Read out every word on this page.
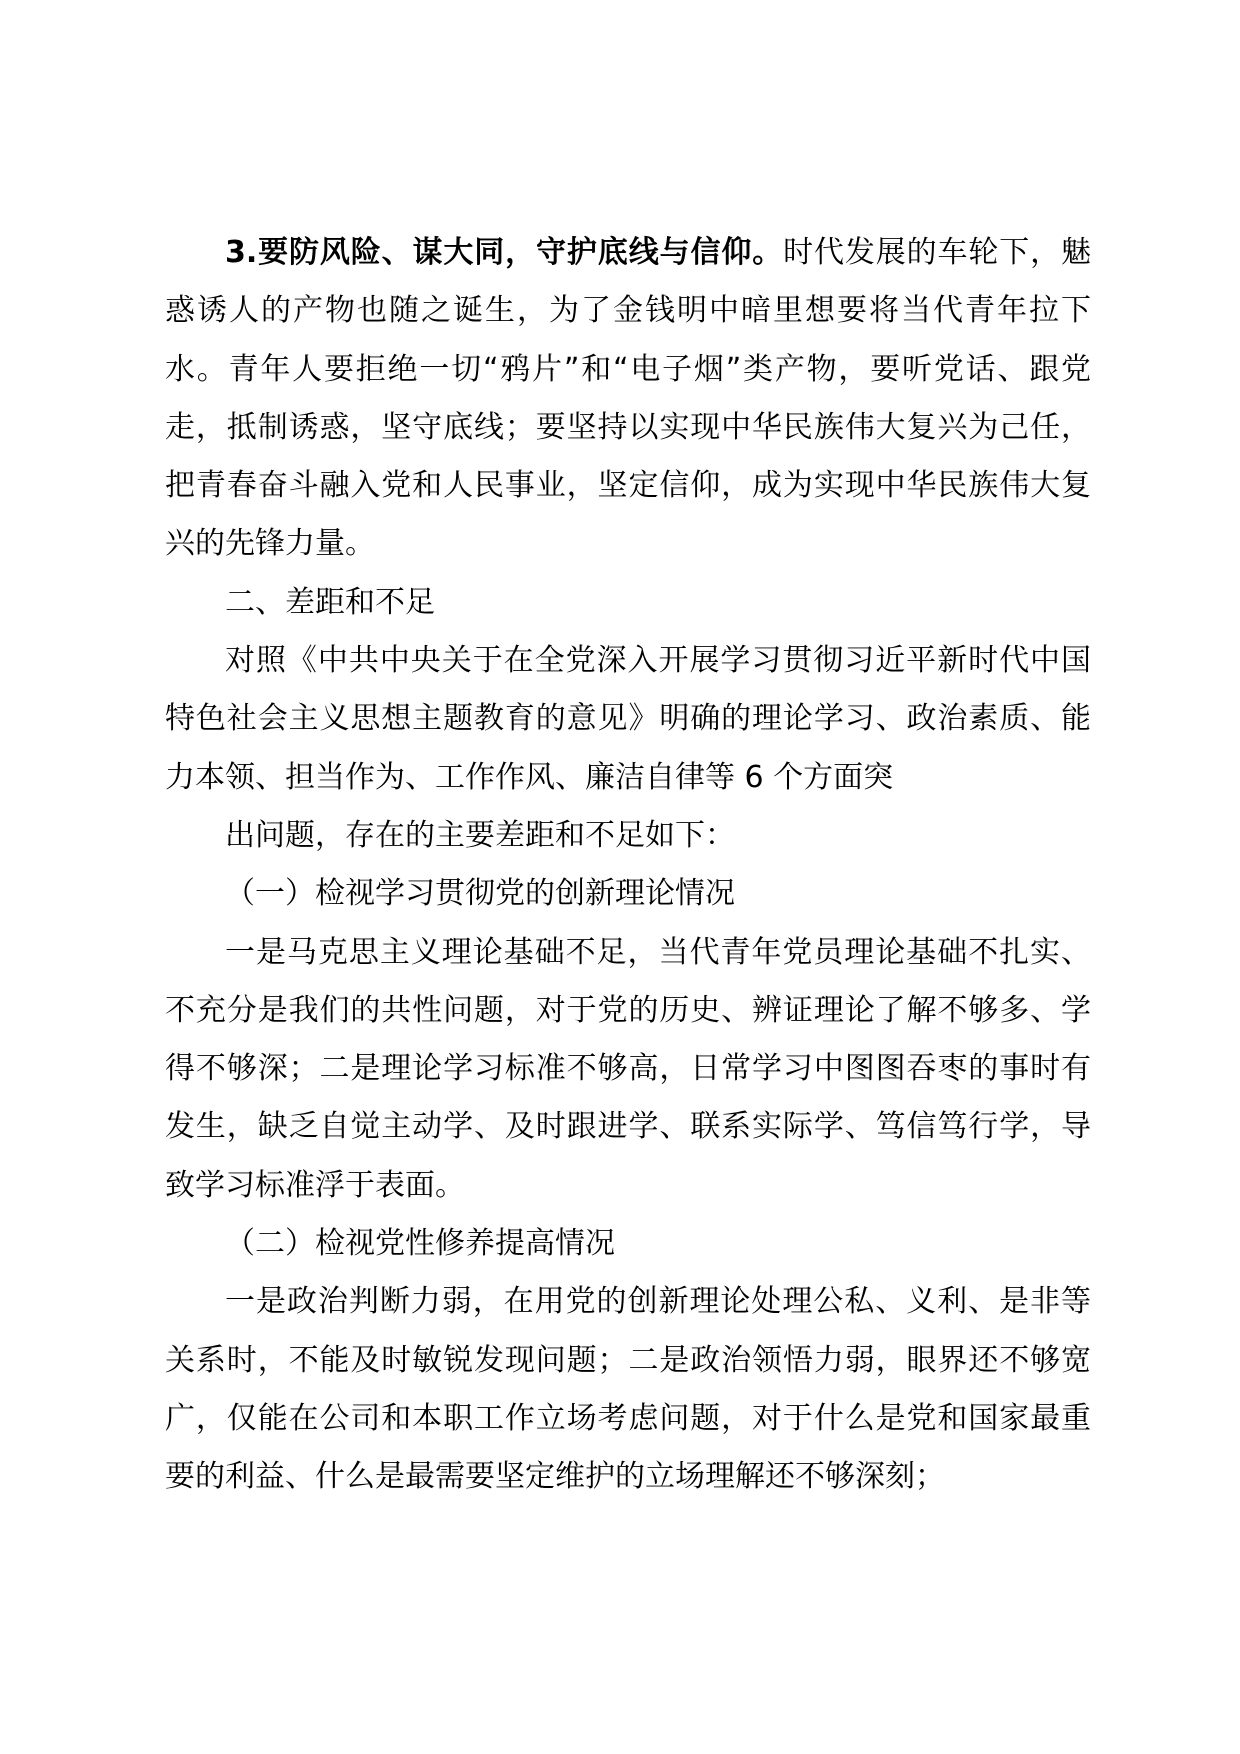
3.要防风险、谋大同，守护底线与信仰。时代发展的车轮下，魅惑诱人的产物也随之诞生，为了金钱明中暗里想要将当代青年拉下水。青年人要拒绝一切“鸦片”和“电子烟”类产物，要听党话、跟党走，抵制诱惑，坚守底线；要坚持以实现中华民族伟大复兴为己任，把青春奋斗融入党和人民事业，坚定信仰，成为实现中华民族伟大复兴的先锋力量。

二、差距和不足

对照《中共中央关于在全党深入开展学习贯彻习近平新时代中国特色社会主义思想主题教育的意见》明确的理论学习、政治素质、能力本领、担当作为、工作作风、廉洁自律等 6 个方面突

出问题，存在的主要差距和不足如下：

（一）检视学习贯彻党的创新理论情况

一是马克思主义理论基础不足，当代青年党员理论基础不扎实、不充分是我们的共性问题，对于党的历史、辨证理论了解不够多、学得不够深；二是理论学习标准不够高，日常学习中图图吞枣的事时有发生，缺乏自觉主动学、及时跟进学、联系实际学、笃信笃行学，导致学习标准浮于表面。

（二）检视党性修养提高情况

一是政治判断力弱，在用党的创新理论处理公私、义利、是非等关系时，不能及时敏锐发现问题；二是政治领悟力弱，眼界还不够宽广，仅能在公司和本职工作立场考虑问题，对于什么是党和国家最重要的利益、什么是最需要坚定维护的立场理解还不够深刻；
